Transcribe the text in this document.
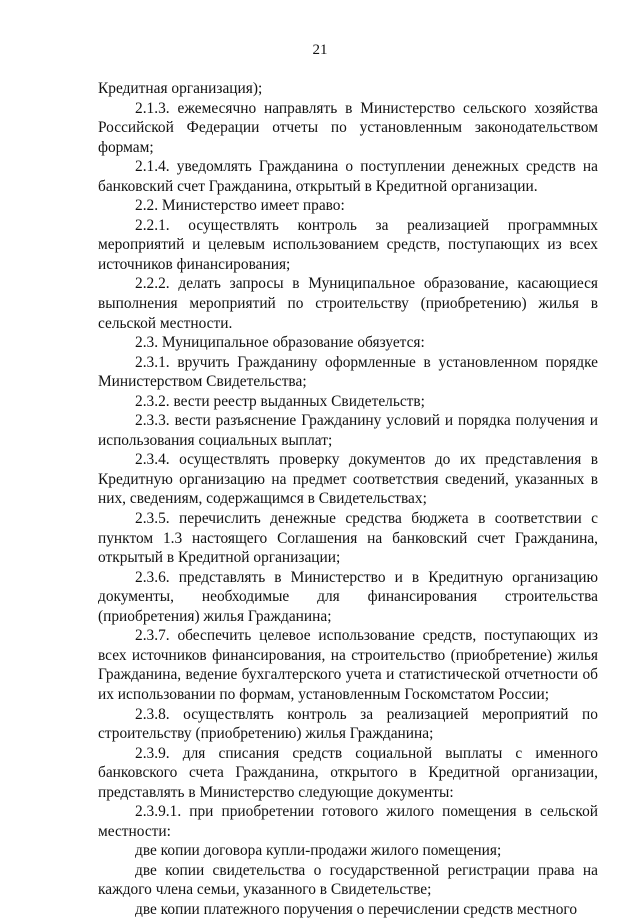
21

Кредитная организация);

2.1.3. ежемесячно направлять в Министерство сельского хозяйства Российской Федерации отчеты по установленным законодательством формам;

2.1.4. уведомлять Гражданина о поступлении денежных средств на банковский счет Гражданина, открытый в Кредитной организации.

2.2. Министерство имеет право:

2.2.1. осуществлять контроль за реализацией программных мероприятий и целевым использованием средств, поступающих из всех источников финансирования;

2.2.2. делать запросы в Муниципальное образование, касающиеся выполнения мероприятий по строительству (приобретению) жилья в сельской местности.

2.3. Муниципальное образование обязуется:

2.3.1. вручить Гражданину оформленные в установленном порядке Министерством Свидетельства;

2.3.2. вести реестр выданных Свидетельств;

2.3.3. вести разъяснение Гражданину условий и порядка получения и использования социальных выплат;

2.3.4. осуществлять проверку документов до их представления в Кредитную организацию на предмет соответствия сведений, указанных в них, сведениям, содержащимся в Свидетельствах;

2.3.5. перечислить денежные средства бюджета в соответствии с пунктом 1.3 настоящего Соглашения на банковский счет Гражданина, открытый в Кредитной организации;

2.3.6. представлять в Министерство и в Кредитную организацию документы, необходимые для финансирования строительства (приобретения) жилья Гражданина;

2.3.7. обеспечить целевое использование средств, поступающих из всех источников финансирования, на строительство (приобретение) жилья Гражданина, ведение бухгалтерского учета и статистической отчетности об их использовании по формам, установленным Госкомстатом России;

2.3.8. осуществлять контроль за реализацией мероприятий по строительству (приобретению) жилья Гражданина;

2.3.9. для списания средств социальной выплаты с именного банковского счета Гражданина, открытого в Кредитной организации, представлять в Министерство следующие документы:

2.3.9.1. при приобретении готового жилого помещения в сельской местности:

две копии договора купли-продажи жилого помещения;

две копии свидетельства о государственной регистрации права на каждого члена семьи, указанного в Свидетельстве;

две копии платежного поручения о перечислении средств местного
